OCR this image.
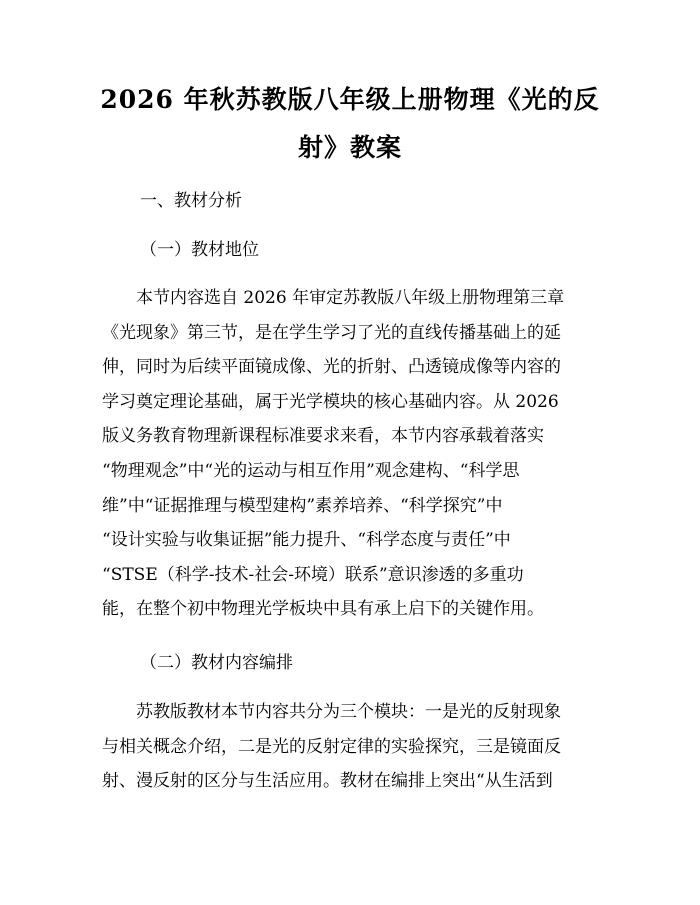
2026 年秋苏教版八年级上册物理《光的反
射》教案

一、教材分析

（一）教材地位

本节内容选自 2026 年审定苏教版八年级上册物理第三章
《光现象》第三节，是在学生学习了光的直线传播基础上的延
伸，同时为后续平面镜成像、光的折射、凸透镜成像等内容的
学习奠定理论基础，属于光学模块的核心基础内容。从 2026
版义务教育物理新课程标准要求来看，本节内容承载着落实
“物理观念”中“光的运动与相互作用”观念建构、“科学思
维”中“证据推理与模型建构”素养培养、“科学探究”中
“设计实验与收集证据”能力提升、“科学态度与责任”中
“STSE（科学-技术-社会-环境）联系”意识渗透的多重功
能，在整个初中物理光学板块中具有承上启下的关键作用。

（二）教材内容编排

苏教版教材本节内容共分为三个模块：一是光的反射现象
与相关概念介绍，二是光的反射定律的实验探究，三是镜面反
射、漫反射的区分与生活应用。教材在编排上突出“从生活到
